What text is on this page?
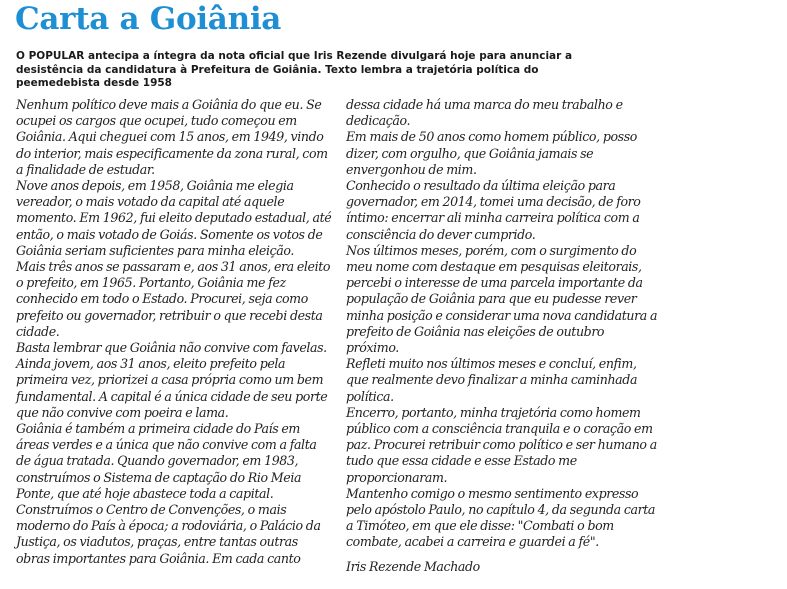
Carta a Goiânia
O POPULAR antecipa a íntegra da nota oficial que Iris Rezende divulgará hoje para anunciar a desistência da candidatura à Prefeitura de Goiânia. Texto lembra a trajetória política do peemedebista desde 1958

Nenhum político deve mais a Goiânia do que eu. Se ocupei os cargos que ocupei, tudo começou em Goiânia. Aqui cheguei com 15 anos, em 1949, vindo do interior, mais especificamente da zona rural, com a finalidade de estudar.

Nove anos depois, em 1958, Goiânia me elegia vereador, o mais votado da capital até aquele momento. Em 1962, fui eleito deputado estadual, até então, o mais votado de Goiás. Somente os votos de Goiânia seriam suficientes para minha eleição.

Mais três anos se passaram e, aos 31 anos, era eleito o prefeito, em 1965. Portanto, Goiânia me fez conhecido em todo o Estado. Procurei, seja como prefeito ou governador, retribuir o que recebi desta cidade.

Basta lembrar que Goiânia não convive com favelas. Ainda jovem, aos 31 anos, eleito prefeito pela primeira vez, priorizei a casa própria como um bem fundamental. A capital é a única cidade de seu porte que não convive com poeira e lama.

Goiânia é também a primeira cidade do País em áreas verdes e a única que não convive com a falta de água tratada. Quando governador, em 1983, construímos o Sistema de captação do Rio Meia Ponte, que até hoje abastece toda a capital.

Construímos o Centro de Convenções, o mais moderno do País à época; a rodoviária, o Palácio da Justiça, os viadutos, praças, entre tantas outras obras importantes para Goiânia. Em cada canto

dessa cidade há uma marca do meu trabalho e dedicação.

Em mais de 50 anos como homem público, posso dizer, com orgulho, que Goiânia jamais se envergonhou de mim.

Conhecido o resultado da última eleição para governador, em 2014, tomei uma decisão, de foro íntimo: encerrar ali minha carreira política com a consciência do dever cumprido.

Nos últimos meses, porém, com o surgimento do meu nome com destaque em pesquisas eleitorais, percebi o interesse de uma parcela importante da população de Goiânia para que eu pudesse rever minha posição e considerar uma nova candidatura a prefeito de Goiânia nas eleições de outubro próximo.

Refleti muito nos últimos meses e concluí, enfim, que realmente devo finalizar a minha caminhada política.

Encerro, portanto, minha trajetória como homem público com a consciência tranquila e o coração em paz. Procurei retribuir como político e ser humano a tudo que essa cidade e esse Estado me proporcionaram.

Mantenho comigo o mesmo sentimento expresso pelo apóstolo Paulo, no capítulo 4, da segunda carta a Timóteo, em que ele disse: "Combati o bom combate, acabei a carreira e guardei a fé".

Iris Rezende Machado
